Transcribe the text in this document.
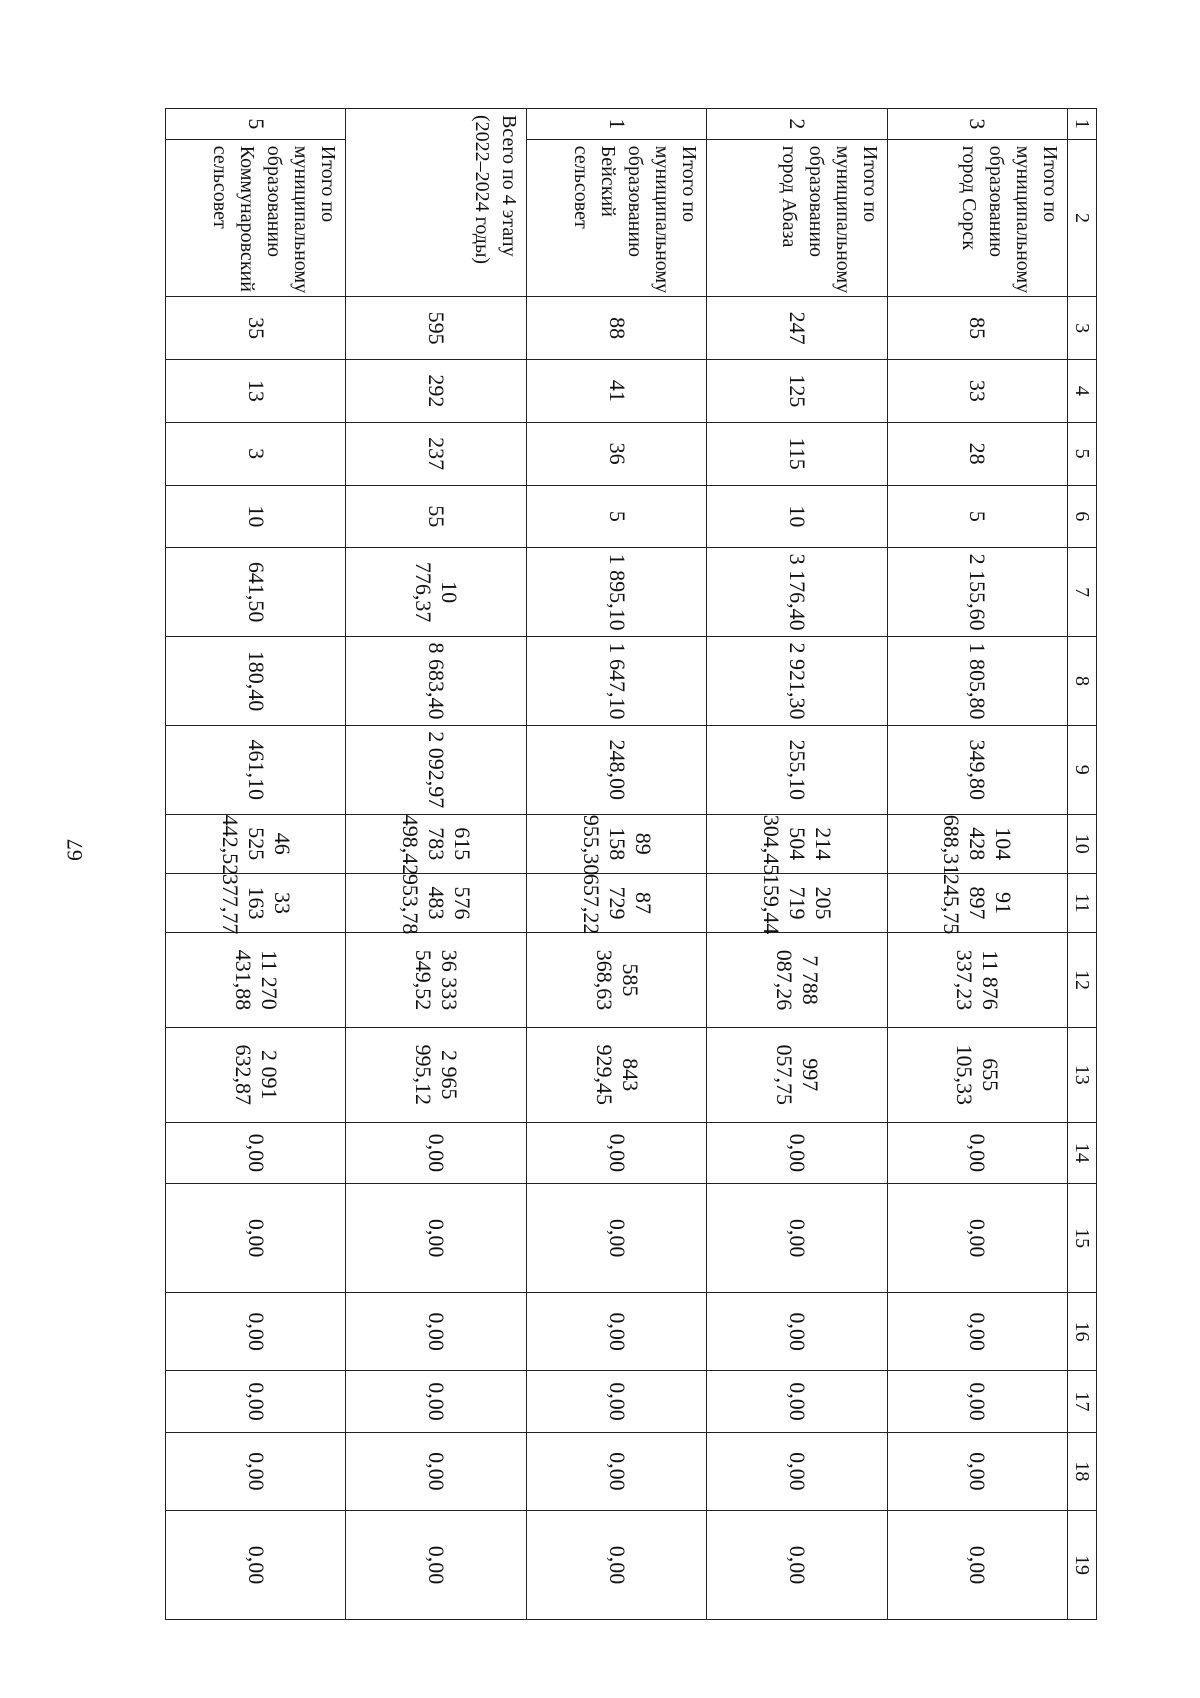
67
1	2	3	4	5	6	7	8	9	10	11	12	13	14	15	16	17	18	19
3	Итого по
муниципальному
образованию
город Сорск	85	33	28	5	2 155,60	1 805,80	349,80	104 428 688,31	91 897 245,75	11 876 337,23	655 105,33	0,00	0,00	0,00	0,00	0,00	0,00
2	Итого по
муниципальному
образованию
город Абаза	247	125	115	10	3 176,40	2 921,30	255,10	214 504 304,45	205 719 159,44	7 788 087,26	997 057,75	0,00	0,00	0,00	0,00	0,00	0,00
1	Итого по
муниципальному
образованию
Бейский сельсовет	88	41	36	5	1 895,10	1 647,10	248,00	89 158 955,30	87 729 657,22	585 368,63	843 929,45	0,00	0,00	0,00	0,00	0,00	0,00
Всего по 4 этапу
(2022–2024 годы)		595	292	237	55	10 776,37	8 683,40	2 092,97	615 783 498,42	576 483 953,78	36 333 549,52	2 965 995,12	0,00	0,00	0,00	0,00	0,00	0,00
5	Итого по
муниципальному
образованию
Коммунаровский
сельсовет	35	13	3	10	641,50	180,40	461,10	46 525 442,52	33 163 377,77	11 270 431,88	2 091 632,87	0,00	0,00	0,00	0,00	0,00	0,00
